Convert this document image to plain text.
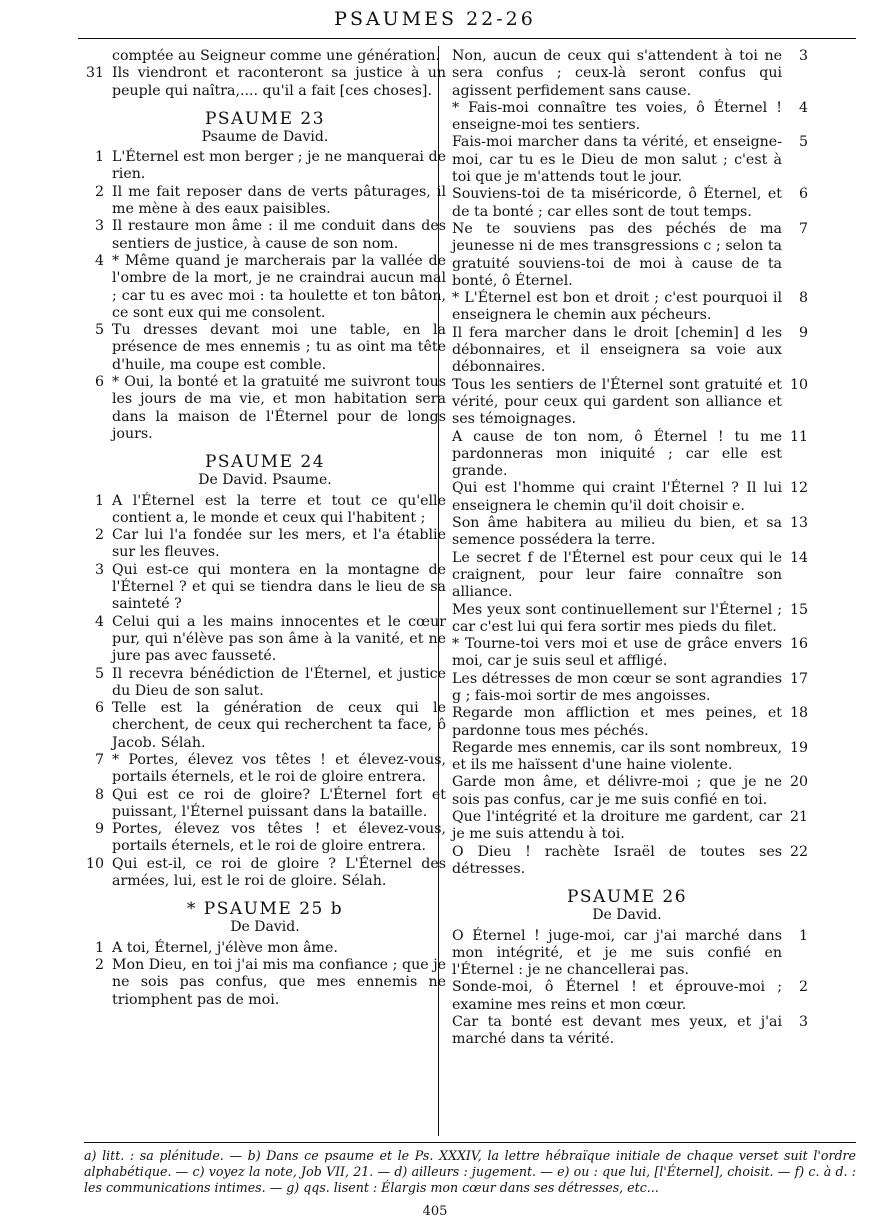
PSAUMES 22-26
comptée au Seigneur comme une génération.
31 Ils viendront et raconteront sa justice à un peuple qui naîtra,.... qu'il a fait [ces choses].
PSAUME 23
Psaume de David.
1 L'Éternel est mon berger ; je ne manquerai de rien.
2 Il me fait reposer dans de verts pâturages, il me mène à des eaux paisibles.
3 Il restaure mon âme : il me conduit dans des sentiers de justice, à cause de son nom.
4 * Même quand je marcherais par la vallée de l'ombre de la mort, je ne craindrai aucun mal ; car tu es avec moi : ta houlette et ton bâton, ce sont eux qui me consolent.
5 Tu dresses devant moi une table, en la présence de mes ennemis ; tu as oint ma tête d'huile, ma coupe est comble.
6 * Oui, la bonté et la gratuité me suivront tous les jours de ma vie, et mon habitation sera dans la maison de l'Éternel pour de longs jours.
PSAUME 24
De David. Psaume.
1 A l'Éternel est la terre et tout ce qu'elle contient a, le monde et ceux qui l'habitent ;
2 Car lui l'a fondée sur les mers, et l'a établie sur les fleuves.
3 Qui est-ce qui montera en la montagne de l'Éternel ? et qui se tiendra dans le lieu de sa sainteté ?
4 Celui qui a les mains innocentes et le cœur pur, qui n'élève pas son âme à la vanité, et ne jure pas avec fausseté.
5 Il recevra bénédiction de l'Éternel, et justice du Dieu de son salut.
6 Telle est la génération de ceux qui le cherchent, de ceux qui recherchent ta face, ô Jacob. Sélah.
7 * Portes, élevez vos têtes ! et élevez-vous, portails éternels, et le roi de gloire entrera.
8 Qui est ce roi de gloire? L'Éternel fort et puissant, l'Éternel puissant dans la bataille.
9 Portes, élevez vos têtes ! et élevez-vous, portails éternels, et le roi de gloire entrera.
10 Qui est-il, ce roi de gloire ? L'Éternel des armées, lui, est le roi de gloire. Sélah.
* PSAUME 25 b
De David.
1 A toi, Éternel, j'élève mon âme.
2 Mon Dieu, en toi j'ai mis ma confiance ; que je ne sois pas confus, que mes ennemis ne triomphent pas de moi.
3
Non, aucun de ceux qui s'attendent à toi ne sera confus ; ceux-là seront confus qui agissent perfidement sans cause.
4
* Fais-moi connaître tes voies, ô Éternel ! enseigne-moi tes sentiers.
5
Fais-moi marcher dans ta vérité, et enseigne-moi, car tu es le Dieu de mon salut ; c'est à toi que je m'attends tout le jour.
6
Souviens-toi de ta miséricorde, ô Éternel, et de ta bonté ; car elles sont de tout temps.
7
Ne te souviens pas des péchés de ma jeunesse ni de mes transgressions c ; selon ta gratuité souviens-toi de moi à cause de ta bonté, ô Éternel.
8
* L'Éternel est bon et droit ; c'est pourquoi il enseignera le chemin aux pécheurs.
9
Il fera marcher dans le droit [chemin] d les débonnaires, et il enseignera sa voie aux débonnaires.
10
Tous les sentiers de l'Éternel sont gratuité et vérité, pour ceux qui gardent son alliance et ses témoignages.
11
A cause de ton nom, ô Éternel ! tu me pardonneras mon iniquité ; car elle est grande.
12
Qui est l'homme qui craint l'Éternel ? Il lui enseignera le chemin qu'il doit choisir e.
13
Son âme habitera au milieu du bien, et sa semence possédera la terre.
14
Le secret f de l'Éternel est pour ceux qui le craignent, pour leur faire connaître son alliance.
15
Mes yeux sont continuellement sur l'Éternel ; car c'est lui qui fera sortir mes pieds du filet.
16
* Tourne-toi vers moi et use de grâce envers moi, car je suis seul et affligé.
17
Les détresses de mon cœur se sont agrandies g ; fais-moi sortir de mes angoisses.
18
Regarde mon affliction et mes peines, et pardonne tous mes péchés.
19
Regarde mes ennemis, car ils sont nombreux, et ils me haïssent d'une haine violente.
20
Garde mon âme, et délivre-moi ; que je ne sois pas confus, car je me suis confié en toi.
21
Que l'intégrité et la droiture me gardent, car je me suis attendu à toi.
22
O Dieu ! rachète Israël de toutes ses détresses.
PSAUME 26
De David.
1
O Éternel ! juge-moi, car j'ai marché dans mon intégrité, et je me suis confié en l'Éternel : je ne chancellerai pas.
2
Sonde-moi, ô Éternel ! et éprouve-moi ; examine mes reins et mon cœur.
3
Car ta bonté est devant mes yeux, et j'ai marché dans ta vérité.
a) litt. : sa plénitude. — b) Dans ce psaume et le Ps. XXXIV, la lettre hébraïque initiale de chaque verset suit l'ordre alphabétique. — c) voyez la note, Job VII, 21. — d) ailleurs : jugement. — e) ou : que lui, [l'Éternel], choisit. — f) c. à d. : les communications intimes. — g) qqs. lisent : Élargis mon cœur dans ses détresses, etc...
405
